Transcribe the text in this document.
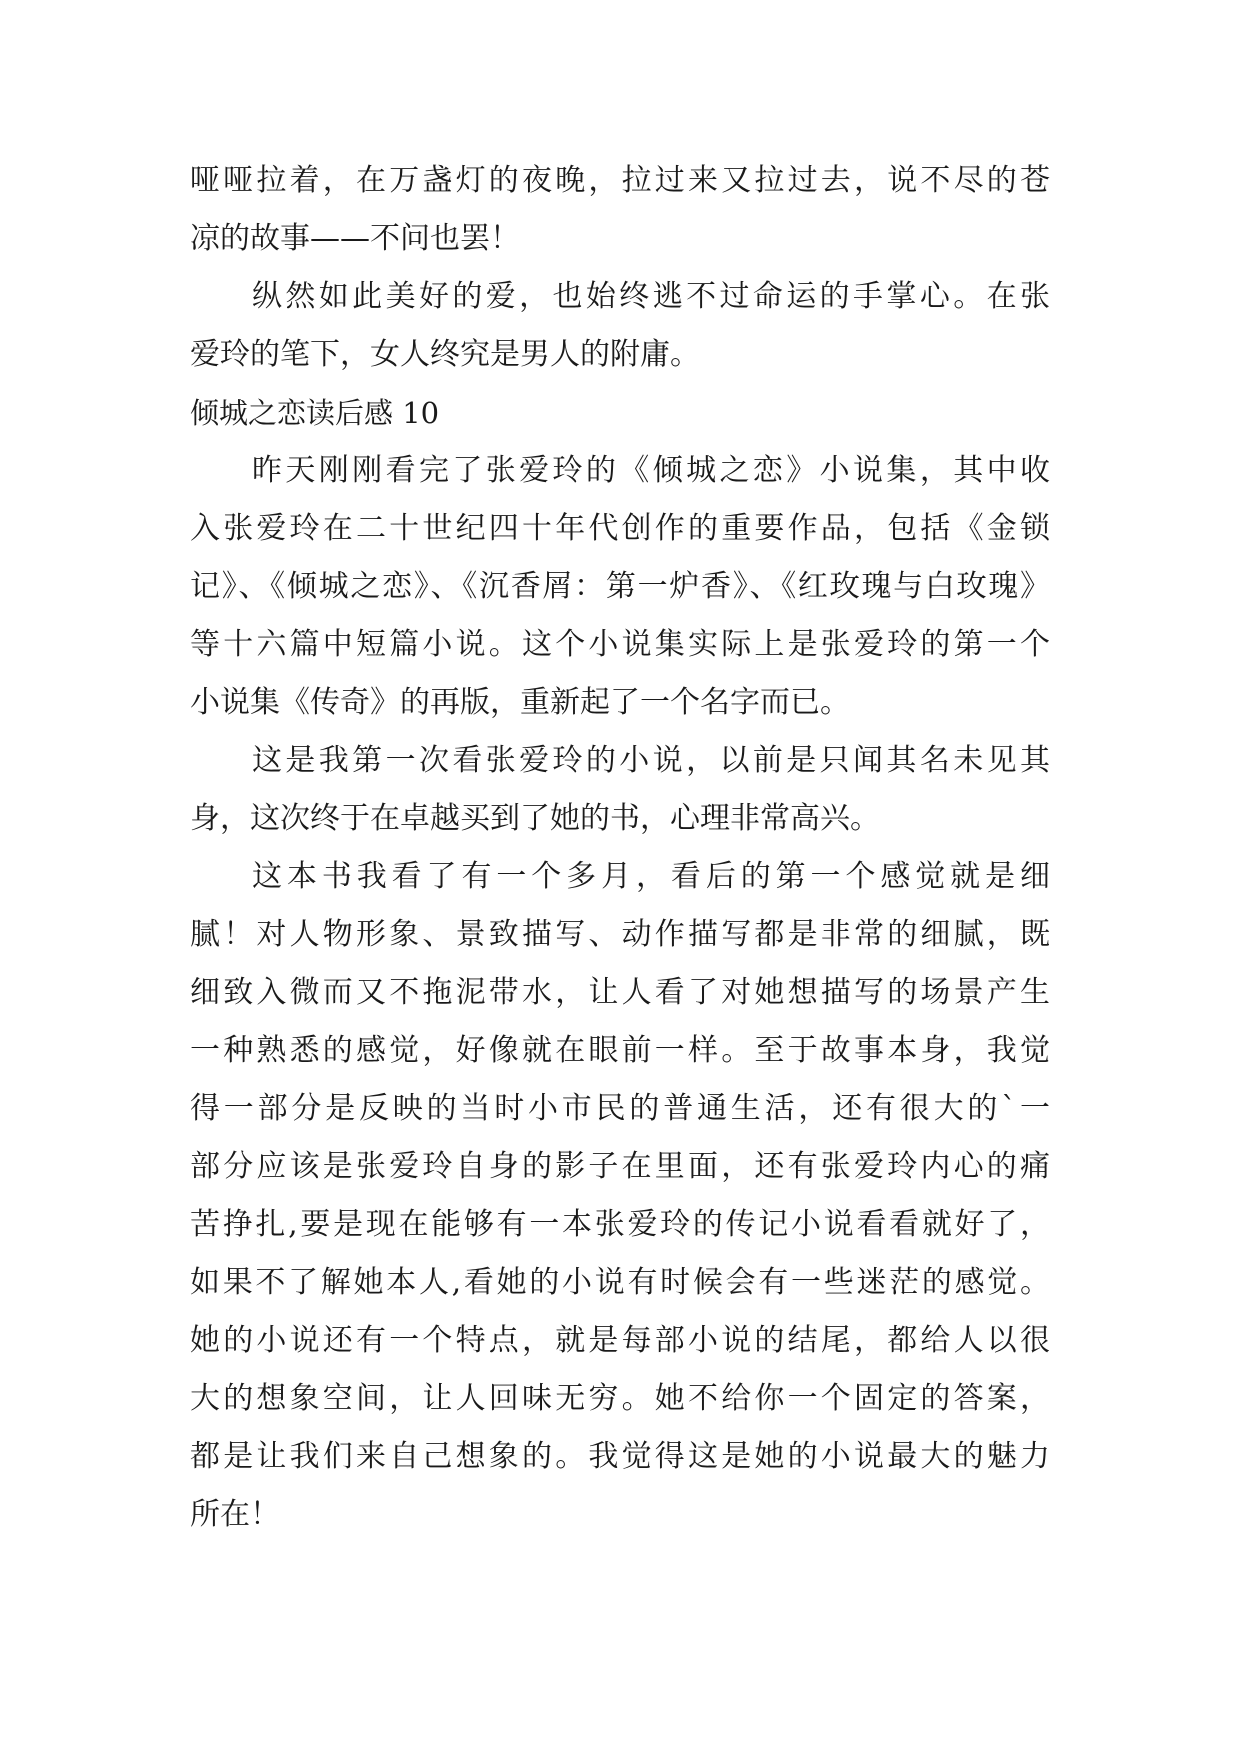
哑哑拉着，在万盏灯的夜晚，拉过来又拉过去，说不尽的苍
凉的故事——不问也罢！
纵然如此美好的爱，也始终逃不过命运的手掌心。在张
爱玲的笔下，女人终究是男人的附庸。
倾城之恋读后感 10
昨天刚刚看完了张爱玲的《倾城之恋》小说集，其中收
入张爱玲在二十世纪四十年代创作的重要作品，包括《金锁
记》、《倾城之恋》、《沉香屑：第一炉香》、《红玫瑰与白玫瑰》
等十六篇中短篇小说。这个小说集实际上是张爱玲的第一个
小说集《传奇》的再版，重新起了一个名字而已。
这是我第一次看张爱玲的小说，以前是只闻其名未见其
身，这次终于在卓越买到了她的书，心理非常高兴。
这本书我看了有一个多月，看后的第一个感觉就是细
腻！对人物形象、景致描写、动作描写都是非常的细腻，既
细致入微而又不拖泥带水，让人看了对她想描写的场景产生
一种熟悉的感觉，好像就在眼前一样。至于故事本身，我觉
得一部分是反映的当时小市民的普通生活，还有很大的`一
部分应该是张爱玲自身的影子在里面，还有张爱玲内心的痛
苦挣扎,要是现在能够有一本张爱玲的传记小说看看就好了，
如果不了解她本人,看她的小说有时候会有一些迷茫的感觉。
她的小说还有一个特点，就是每部小说的结尾，都给人以很
大的想象空间，让人回味无穷。她不给你一个固定的答案，
都是让我们来自己想象的。我觉得这是她的小说最大的魅力
所在！
